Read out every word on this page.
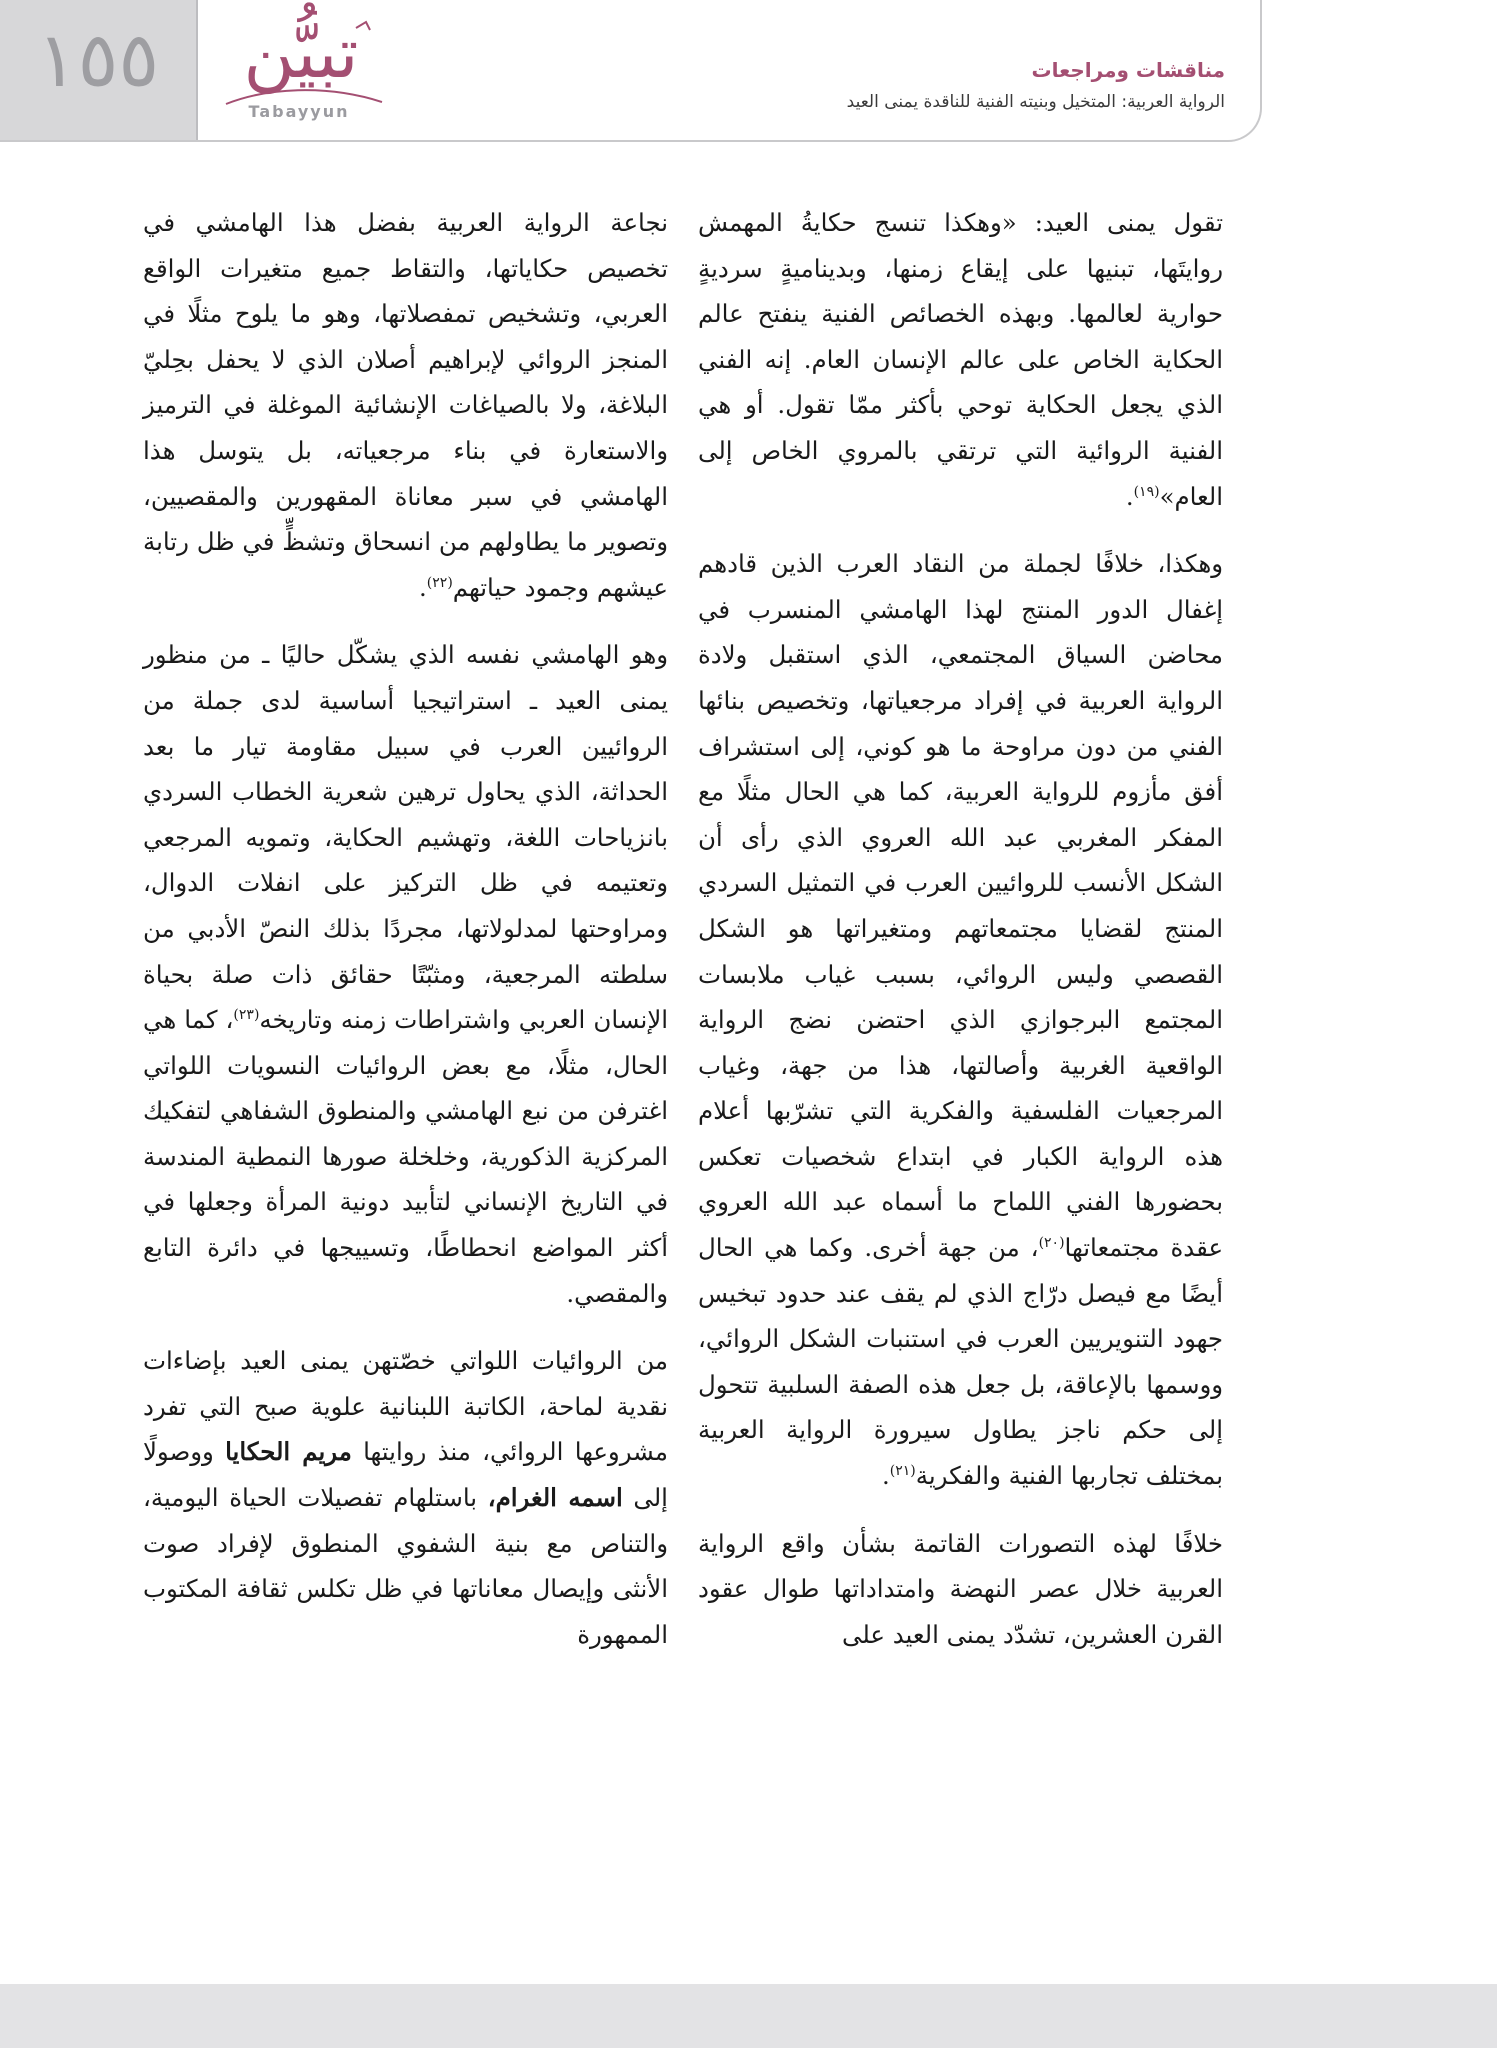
١٥٥	تبيُّن
Tabayyun
مناقشات ومراجعات
الرواية العربية: المتخيل وبنيته الفنية للناقدة يمنى العيد

تقول يمنى العيد: «وهكذا تنسج حكايةُ المهمش روايتَها، تبنيها على إيقاع زمنها، وبديناميةٍ سرديةٍ حوارية لعالمها. وبهذه الخصائص الفنية ينفتح عالم الحكاية الخاص على عالم الإنسان العام. إنه الفني الذي يجعل الحكاية توحي بأكثر ممّا تقول. أو هي الفنية الروائية التي ترتقي بالمروي الخاص إلى العام»$^{(١٩)}$.

وهكذا، خلافًا لجملة من النقاد العرب الذين قادهم إغفال الدور المنتج لهذا الهامشي المنسرب في محاضن السياق المجتمعي، الذي استقبل ولادة الرواية العربية في إفراد مرجعياتها، وتخصيص بنائها الفني من دون مراوحة ما هو كوني، إلى استشراف أفق مأزوم للرواية العربية، كما هي الحال مثلًا مع المفكر المغربي عبد الله العروي الذي رأى أن الشكل الأنسب للروائيين العرب في التمثيل السردي المنتج لقضايا مجتمعاتهم ومتغيراتها هو الشكل القصصي وليس الروائي، بسبب غياب ملابسات المجتمع البرجوازي الذي احتضن نضج الرواية الواقعية الغربية وأصالتها، هذا من جهة، وغياب المرجعيات الفلسفية والفكرية التي تشرّبها أعلام هذه الرواية الكبار في ابتداع شخصيات تعكس بحضورها الفني اللماح ما أسماه عبد الله العروي عقدة مجتمعاتها$^{(٢٠)}$، من جهة أخرى. وكما هي الحال أيضًا مع فيصل درّاج الذي لم يقف عند حدود تبخيس جهود التنويريين العرب في استنبات الشكل الروائي، ووسمها بالإعاقة، بل جعل هذه الصفة السلبية تتحول إلى حكم ناجز يطاول سيرورة الرواية العربية بمختلف تجاربها الفنية والفكرية$^{(٢١)}$.

خلافًا لهذه التصورات القاتمة بشأن واقع الرواية العربية خلال عصر النهضة وامتداداتها طوال عقود القرن العشرين، تشدّد يمنى العيد على

نجاعة الرواية العربية بفضل هذا الهامشي في تخصيص حكاياتها، والتقاط جميع متغيرات الواقع العربي، وتشخيص تمفصلاتها، وهو ما يلوح مثلًا في المنجز الروائي لإبراهيم أصلان الذي لا يحفل بحِليّ البلاغة، ولا بالصياغات الإنشائية الموغلة في الترميز والاستعارة في بناء مرجعياته، بل يتوسل هذا الهامشي في سبر معاناة المقهورين والمقصيين، وتصوير ما يطاولهم من انسحاق وتشظٍّ في ظل رتابة عيشهم وجمود حياتهم$^{(٢٢)}$.

وهو الهامشي نفسه الذي يشكّل حاليًا ـ من منظور يمنى العيد ـ استراتيجيا أساسية لدى جملة من الروائيين العرب في سبيل مقاومة تيار ما بعد الحداثة، الذي يحاول ترهين شعرية الخطاب السردي بانزياحات اللغة، وتهشيم الحكاية، وتمويه المرجعي وتعتيمه في ظل التركيز على انفلات الدوال، ومراوحتها لمدلولاتها، مجردًا بذلك النصّ الأدبي من سلطته المرجعية، ومثبّتًا حقائق ذات صلة بحياة الإنسان العربي واشتراطات زمنه وتاريخه$^{(٢٣)}$، كما هي الحال، مثلًا، مع بعض الروائيات النسويات اللواتي اغترفن من نبع الهامشي والمنطوق الشفاهي لتفكيك المركزية الذكورية، وخلخلة صورها النمطية المندسة في التاريخ الإنساني لتأبيد دونية المرأة وجعلها في أكثر المواضع انحطاطًا، وتسييجها في دائرة التابع والمقصي.

من الروائيات اللواتي خصّتهن يمنى العيد بإضاءات نقدية لماحة، الكاتبة اللبنانية علوية صبح التي تفرد مشروعها الروائي، منذ روايتها مريم الحكايا ووصولًا إلى اسمه الغرام، باستلهام تفصيلات الحياة اليومية، والتناص مع بنية الشفوي المنطوق لإفراد صوت الأنثى وإيصال معاناتها في ظل تكلس ثقافة المكتوب الممهورة
